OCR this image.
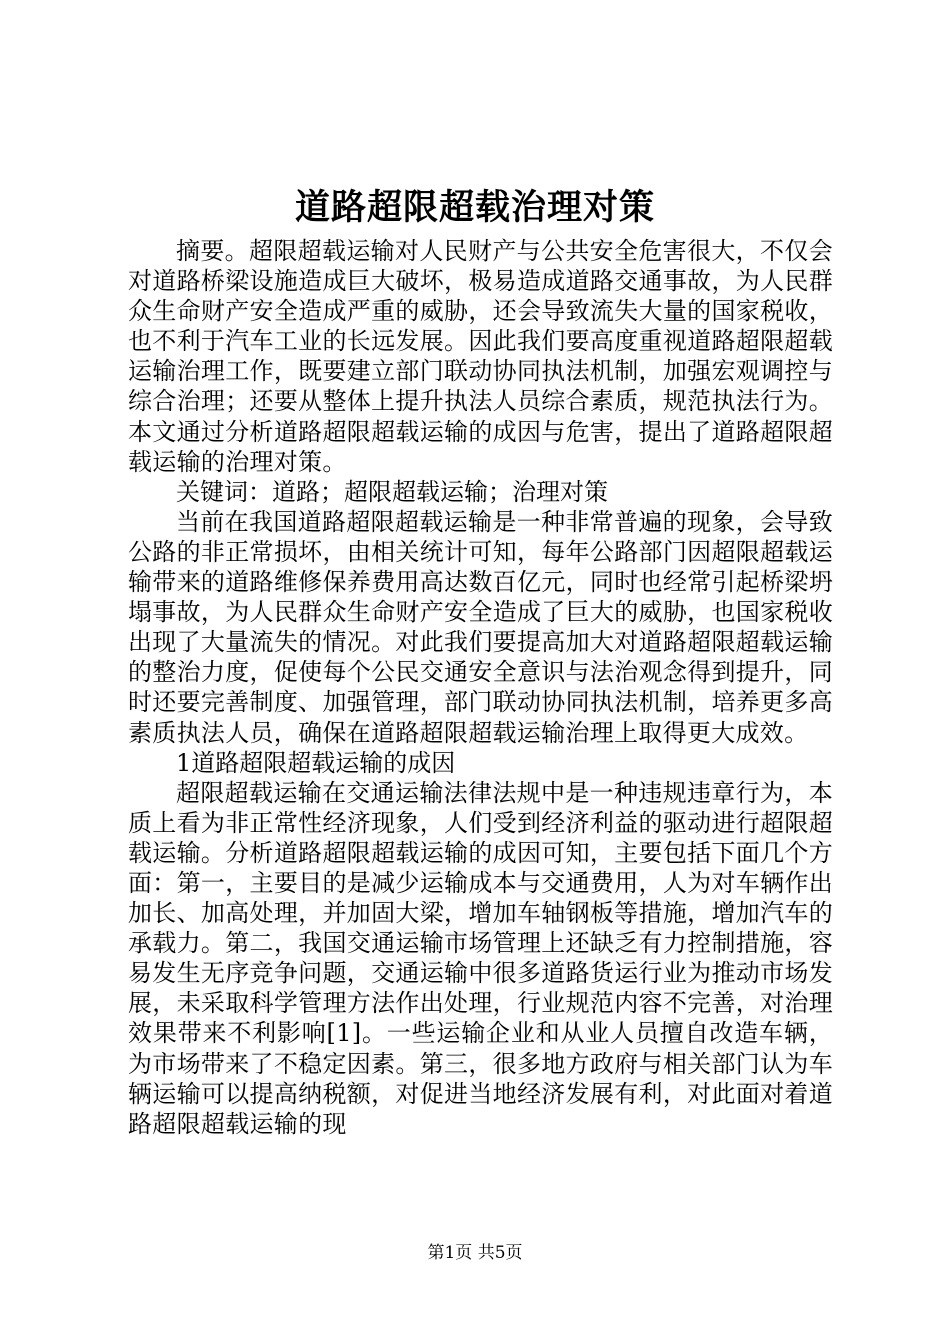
道路超限超载治理对策

摘要。超限超载运输对人民财产与公共安全危害很大，不仅会对道路桥梁设施造成巨大破坏，极易造成道路交通事故，为人民群众生命财产安全造成严重的威胁，还会导致流失大量的国家税收，也不利于汽车工业的长远发展。因此我们要高度重视道路超限超载运输治理工作，既要建立部门联动协同执法机制，加强宏观调控与综合治理；还要从整体上提升执法人员综合素质，规范执法行为。本文通过分析道路超限超载运输的成因与危害，提出了道路超限超载运输的治理对策。

关键词：道路；超限超载运输；治理对策

当前在我国道路超限超载运输是一种非常普遍的现象，会导致公路的非正常损坏，由相关统计可知，每年公路部门因超限超载运输带来的道路维修保养费用高达数百亿元，同时也经常引起桥梁坍塌事故，为人民群众生命财产安全造成了巨大的威胁，也国家税收出现了大量流失的情况。对此我们要提高加大对道路超限超载运输的整治力度，促使每个公民交通安全意识与法治观念得到提升，同时还要完善制度、加强管理，部门联动协同执法机制，培养更多高素质执法人员，确保在道路超限超载运输治理上取得更大成效。

1道路超限超载运输的成因

超限超载运输在交通运输法律法规中是一种违规违章行为，本质上看为非正常性经济现象，人们受到经济利益的驱动进行超限超载运输。分析道路超限超载运输的成因可知，主要包括下面几个方面：第一，主要目的是减少运输成本与交通费用，人为对车辆作出加长、加高处理，并加固大梁，增加车轴钢板等措施，增加汽车的承载力。第二，我国交通运输市场管理上还缺乏有力控制措施，容易发生无序竞争问题，交通运输中很多道路货运行业为推动市场发展，未采取科学管理方法作出处理，行业规范内容不完善，对治理效果带来不利影响[1]。一些运输企业和从业人员擅自改造车辆，为市场带来了不稳定因素。第三，很多地方政府与相关部门认为车辆运输可以提高纳税额，对促进当地经济发展有利，对此面对着道路超限超载运输的现

第1页 共5页
